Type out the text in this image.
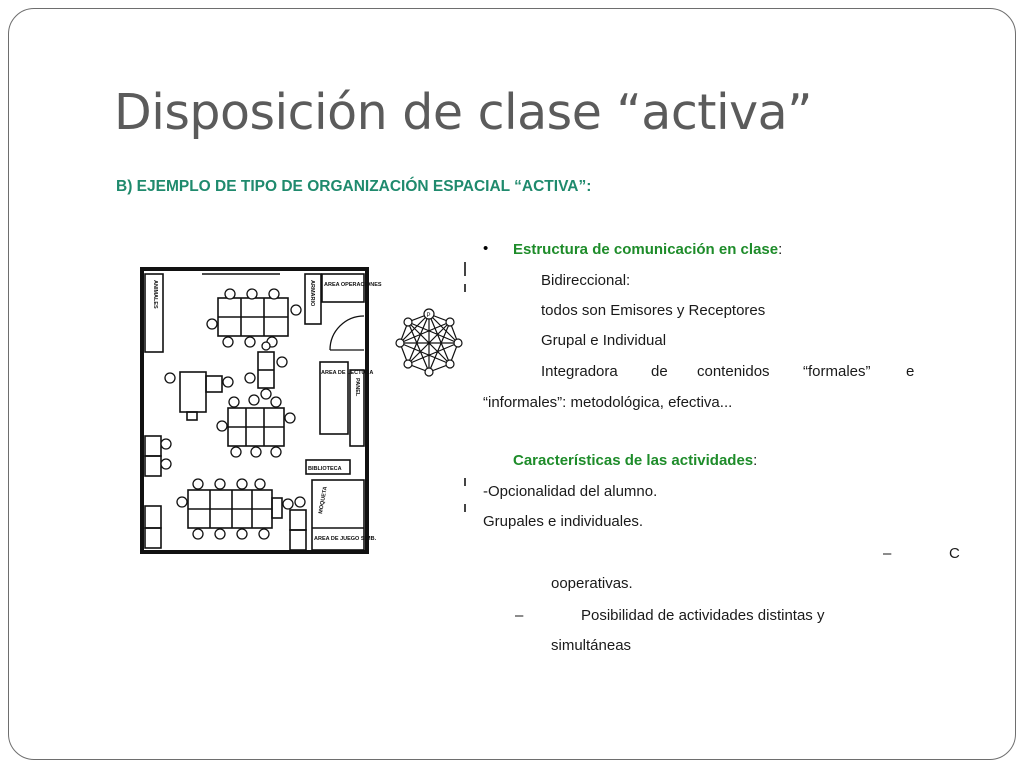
Disposición de clase “activa”
B) EJEMPLO DE TIPO DE ORGANIZACIÓN ESPACIAL “ACTIVA”:
ANIMALES	AREA OPERACIONES
ARMARIO
AREA DE LECTURA
PANEL
BIBLIOTECA
MOQUETA
AREA DE JUEGO SIMB.
P
• Estructura de comunicación en clase:
Bidireccional:
todos son Emisores y Receptores
Grupal e Individual
Integradora de contenidos “formales” e
“informales”: metodológica, efectiva...
Características de las actividades:
-Opcionalidad del alumno.
Grupales e individuales.
–	C
ooperativas.
–	Posibilidad de actividades distintas y
simultáneas
